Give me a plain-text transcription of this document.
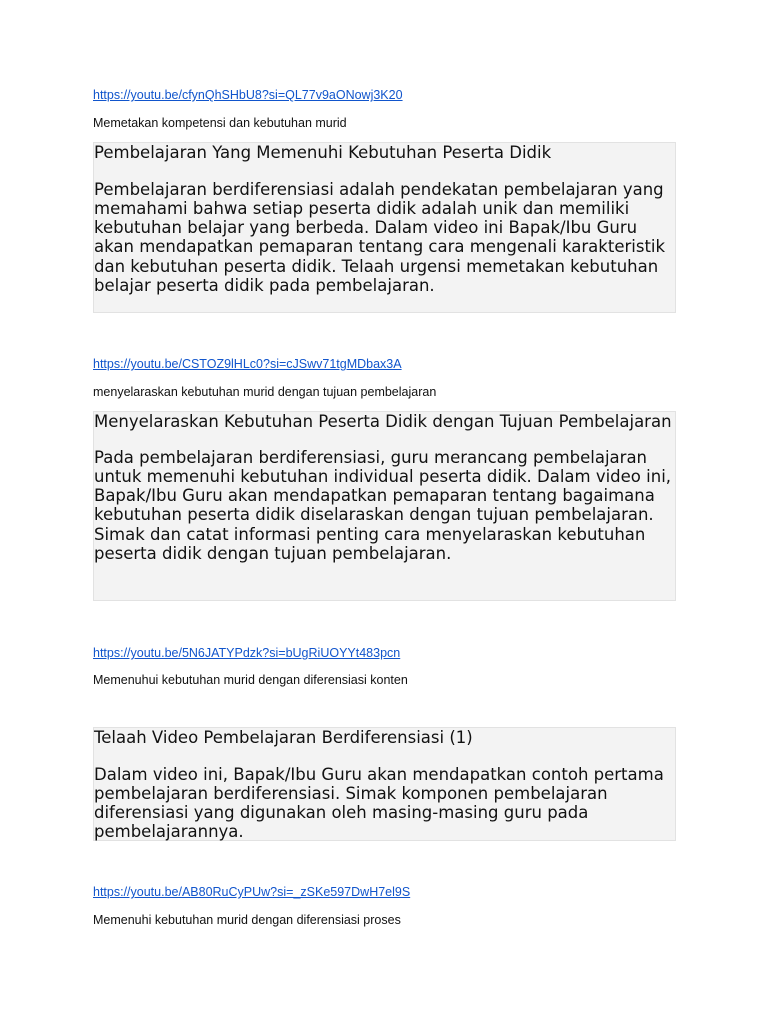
https://youtu.be/cfynQhSHbU8?si=QL77v9aONowj3K20
Memetakan kompetensi dan kebutuhan murid

Pembelajaran Yang Memenuhi Kebutuhan Peserta Didik

Pembelajaran berdiferensiasi adalah pendekatan pembelajaran yang memahami bahwa setiap peserta didik adalah unik dan memiliki kebutuhan belajar yang berbeda. Dalam video ini Bapak/Ibu Guru akan mendapatkan pemaparan tentang cara mengenali karakteristik dan kebutuhan peserta didik. Telaah urgensi memetakan kebutuhan belajar peserta didik pada pembelajaran.

https://youtu.be/CSTOZ9lHLc0?si=cJSwv71tgMDbax3A
menyelaraskan kebutuhan murid dengan tujuan pembelajaran

Menyelaraskan Kebutuhan Peserta Didik dengan Tujuan Pembelajaran

Pada pembelajaran berdiferensiasi, guru merancang pembelajaran untuk memenuhi kebutuhan individual peserta didik. Dalam video ini, Bapak/Ibu Guru akan mendapatkan pemaparan tentang bagaimana kebutuhan peserta didik diselaraskan dengan tujuan pembelajaran. Simak dan catat informasi penting cara menyelaraskan kebutuhan peserta didik dengan tujuan pembelajaran.

https://youtu.be/5N6JATYPdzk?si=bUgRiUOYYt483pcn
Memenuhui kebutuhan murid dengan diferensiasi konten

Telaah Video Pembelajaran Berdiferensiasi (1)

Dalam video ini, Bapak/Ibu Guru akan mendapatkan contoh pertama pembelajaran berdiferensiasi. Simak komponen pembelajaran diferensiasi yang digunakan oleh masing-masing guru pada pembelajarannya.

https://youtu.be/AB80RuCyPUw?si=_zSKe597DwH7el9S
Memenuhi kebutuhan murid dengan diferensiasi proses
